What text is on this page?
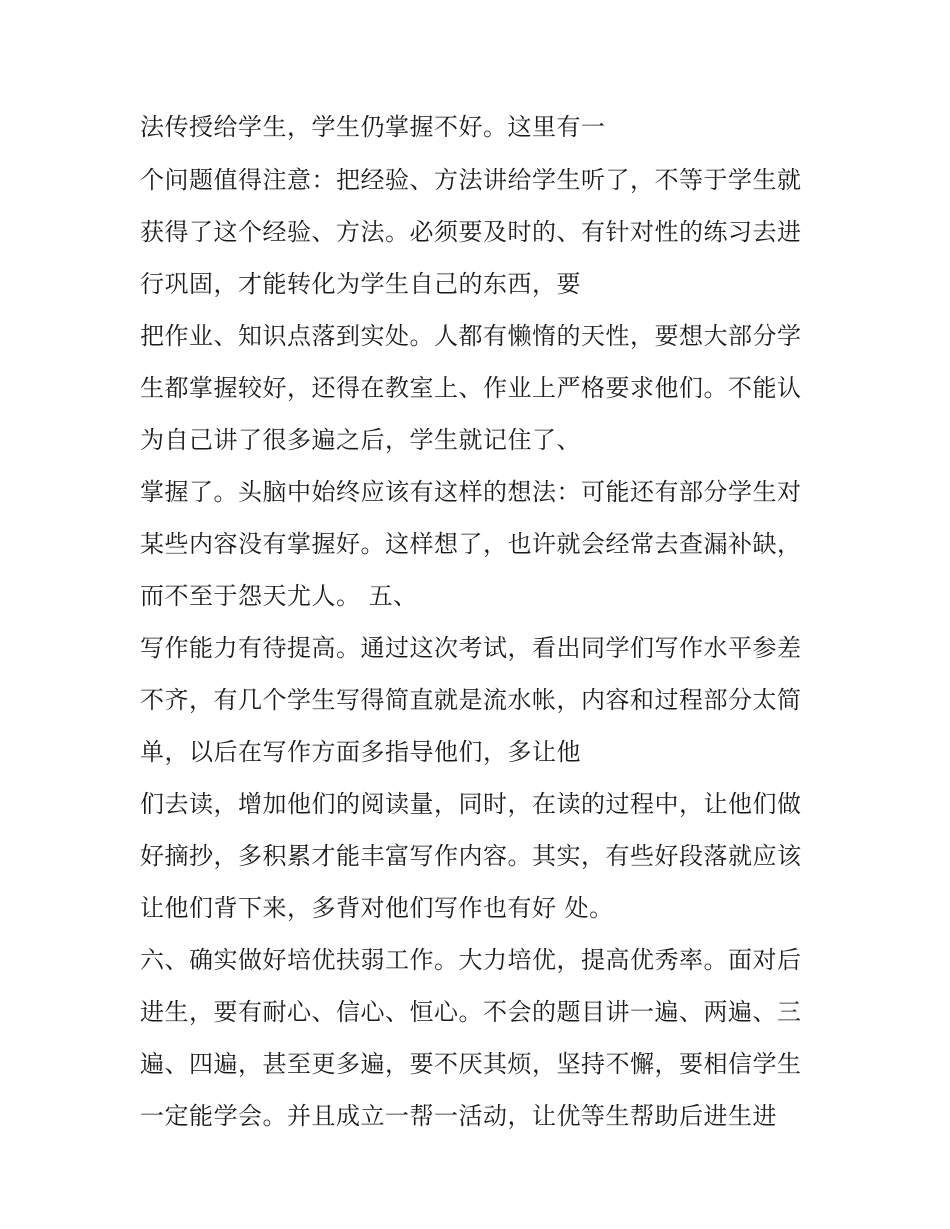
法传授给学生，学生仍掌握不好。这里有一
个问题值得注意：把经验、方法讲给学生听了，不等于学生就
获得了这个经验、方法。必须要及时的、有针对性的练习去进
行巩固，才能转化为学生自己的东西，要
把作业、知识点落到实处。人都有懒惰的天性，要想大部分学
生都掌握较好，还得在教室上、作业上严格要求他们。不能认
为自己讲了很多遍之后，学生就记住了、
掌握了。头脑中始终应该有这样的想法：可能还有部分学生对
某些内容没有掌握好。这样想了，也许就会经常去查漏补缺，
而不至于怨天尤人。 五、
写作能力有待提高。通过这次考试，看出同学们写作水平参差
不齐，有几个学生写得简直就是流水帐，内容和过程部分太简
单，以后在写作方面多指导他们，多让他
们去读，增加他们的阅读量，同时，在读的过程中，让他们做
好摘抄，多积累才能丰富写作内容。其实，有些好段落就应该
让他们背下来，多背对他们写作也有好 处。
六、确实做好培优扶弱工作。大力培优，提高优秀率。面对后
进生，要有耐心、信心、恒心。不会的题目讲一遍、两遍、三
遍、四遍，甚至更多遍，要不厌其烦，坚持不懈，要相信学生
一定能学会。并且成立一帮一活动，让优等生帮助后进生进
